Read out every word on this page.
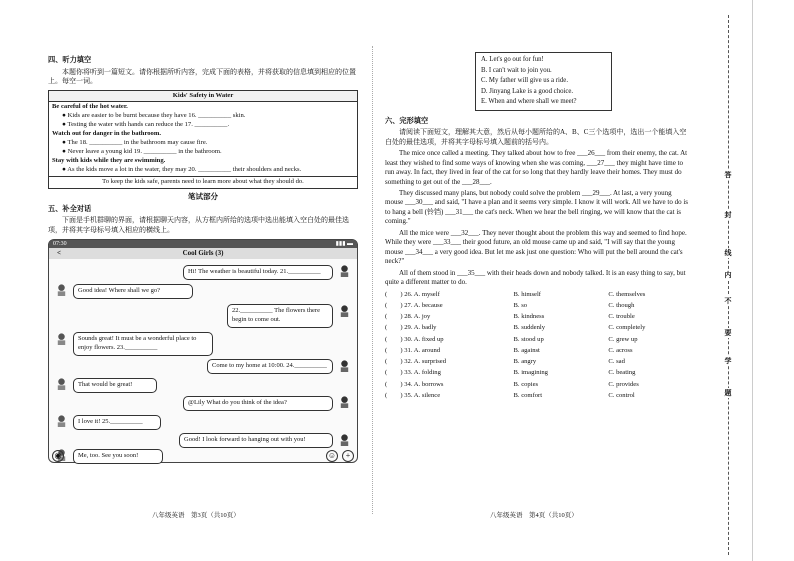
四、听力填空

本题你将听到一篇短文。请你根据所听内容，完成下面的表格，并将获取的信息填到相应的位置上。每空一词。

Kids' Safety in Water

Be careful of the hot water.
● Kids are easier to be burnt because they have 16. __________ skin.
● Testing the water with hands can reduce the 17. __________.
Watch out for danger in the bathroom.
● The 18. __________ in the bathroom may cause fire.
● Never leave a young kid 19. __________ in the bathroom.
Stay with kids while they are swimming.
● As the kids move a lot in the water, they may 20. __________ their shoulders and necks.

To keep the kids safe, parents need to learn more about what they should do.
笔试部分
五、补全对话

下面是手机群聊的界面，请根据聊天内容，从方框内所给的选项中选出能填入空白处的最佳选项，并将其字母标号填入相应的横线上。

07:30	▮▮▮ ▬
<	Cool Girls (3)
Hi! The weather is beautiful today. 21.__________
Good idea! Where shall we go?
22.__________ The flowers there begin to come out.
Sounds great! It must be a wonderful place to enjoy flowers. 23.__________
Come to my home at 10:00. 24.__________
That would be great!
@Lily What do you think of the idea?
I love it! 25.__________
Good! I look forward to hanging out with you!
Me, too. See you soon!
◉	☺	+
八年级英语　第3页（共10页）
A. Let's go out for fun!
B. I can't wait to join you.
C. My father will give us a ride.
D. Jinyang Lake is a good choice.
E. When and where shall we meet?
六、完形填空

请阅读下面短文，理解其大意，然后从每小题所给的A、B、C三个选项中，选出一个能填入空白处的最佳选项，并将其字母标号填入题前的括号内。

The mice once called a meeting. They talked about how to free ___26___ from their enemy, the cat. At least they wished to find some ways of knowing when she was coming, ___27___ they might have time to run away. In fact, they lived in fear of the cat for so long that they hardly leave their homes. They must do something to get out of the ___28___.

They discussed many plans, but nobody could solve the problem ___29___. At last, a very young mouse ___30___ and said, "I have a plan and it seems very simple. I know it will work. All we have to do is to hang a bell (铃铛) ___31___ the cat's neck. When we hear the bell ringing, we will know that the cat is coming."

All the mice were ___32___. They never thought about the problem this way and seemed to find hope. While they were ___33___ their good future, an old mouse came up and said, "I will say that the young mouse ___34___ a very good idea. But let me ask just one question: Who will put the bell around the cat's neck?"

All of them stood in ___35___ with their heads down and nobody talked. It is an easy thing to say, but quite a different matter to do.

(　　) 26. A. myself	B. himself	C. themselves
(　　) 27. A. because	B. so	C. though
(　　) 28. A. joy	B. kindness	C. trouble
(　　) 29. A. badly	B. suddenly	C. completely
(　　) 30. A. fixed up	B. stood up	C. grew up
(　　) 31. A. around	B. against	C. across
(　　) 32. A. surprised	B. angry	C. sad
(　　) 33. A. folding	B. imagining	C. beating
(　　) 34. A. borrows	B. copies	C. provides
(　　) 35. A. silence	B. comfort	C. control
八年级英语　第4页（共10页）
答
封
线
内
不
要
学
题
